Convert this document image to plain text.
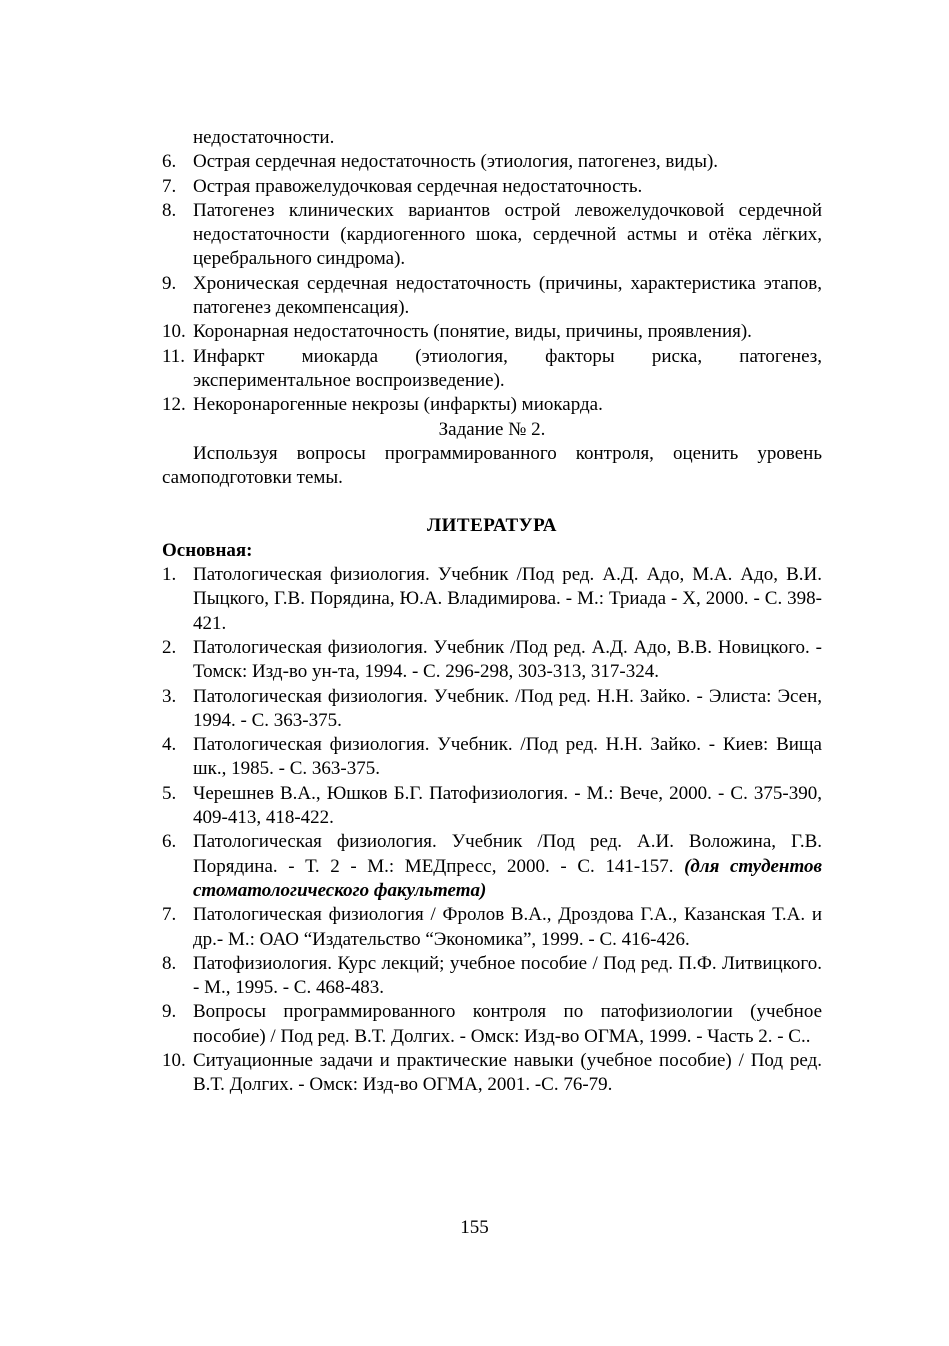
недостаточности.
6. Острая сердечная недостаточность (этиология, патогенез, виды).
7. Острая правожелудочковая сердечная недостаточность.
8. Патогенез клинических вариантов острой левожелудочковой сердечной недостаточности (кардиогенного шока, сердечной астмы и отёка лёгких, церебрального синдрома).
9. Хроническая сердечная недостаточность (причины, характеристика этапов, патогенез декомпенсация).
10. Коронарная недостаточность (понятие, виды, причины, проявления).
11. Инфаркт миокарда (этиология, факторы риска, патогенез, экспериментальное воспроизведение).
12. Некоронарогенные некрозы (инфаркты) миокарда.
Задание № 2.
Используя вопросы программированного контроля, оценить уровень самоподготовки темы.
ЛИТЕРАТУРА
Основная:
1. Патологическая физиология. Учебник /Под ред. А.Д. Адо, М.А. Адо, В.И. Пыцкого, Г.В. Порядина, Ю.А. Владимирова. - М.: Триада - Х, 2000. - С. 398-421.
2. Патологическая физиология. Учебник /Под ред. А.Д. Адо, В.В. Новицкого. - Томск: Изд-во ун-та, 1994. - С. 296-298, 303-313, 317-324.
3. Патологическая физиология. Учебник. /Под ред. Н.Н. Зайко. - Элиста: Эсен, 1994. - С. 363-375.
4. Патологическая физиология. Учебник. /Под ред. Н.Н. Зайко. - Киев: Вища шк., 1985. - С. 363-375.
5. Черешнев В.А., Юшков Б.Г. Патофизиология. - М.: Вече, 2000. - С. 375-390, 409-413, 418-422.
6. Патологическая физиология. Учебник /Под ред. А.И. Воложина, Г.В. Порядина. - Т. 2 - М.: МЕДпресс, 2000. - С. 141-157. (для студентов стоматологического факультета)
7. Патологическая физиология / Фролов В.А., Дроздова Г.А., Казанская Т.А. и др.- М.: ОАО “Издательство “Экономика”, 1999. - С. 416-426.
8. Патофизиология. Курс лекций; учебное пособие / Под ред. П.Ф. Литвицкого. - М., 1995. - С. 468-483.
9. Вопросы программированного контроля по патофизиологии (учебное пособие) / Под ред. В.Т. Долгих. - Омск: Изд-во ОГМА, 1999. - Часть 2. - С..
10. Ситуационные задачи и практические навыки (учебное пособие) / Под ред. В.Т. Долгих. - Омск: Изд-во ОГМА, 2001. -С. 76-79.
155
